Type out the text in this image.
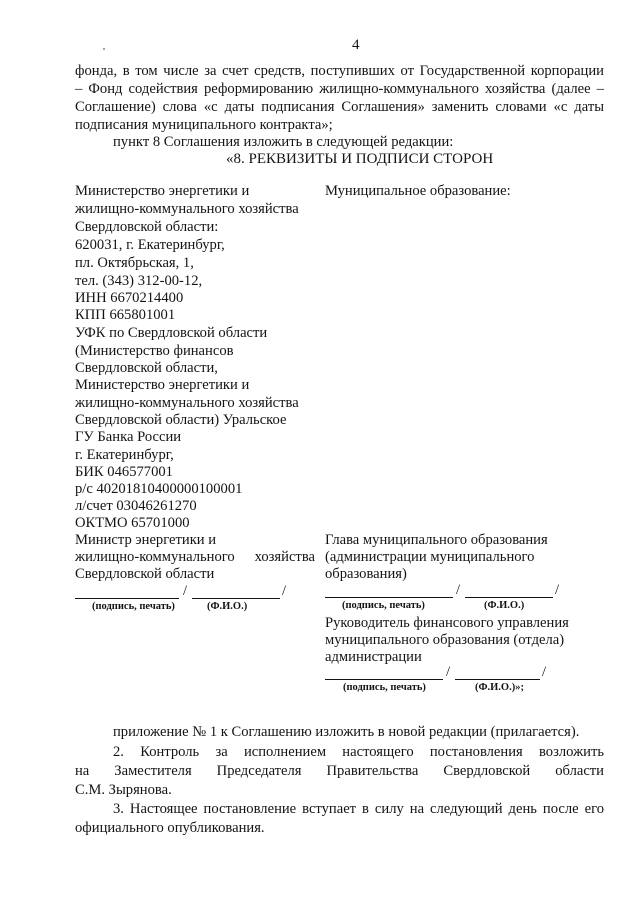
4
фонда, в том числе за счет средств, поступивших от Государственной корпорации
– Фонд содействия реформированию жилищно-коммунального хозяйства (далее –
Соглашение) слова «с даты подписания Соглашения» заменить словами «с даты
подписания муниципального контракта»;
пункт 8 Соглашения изложить в следующей редакции:
«8. РЕКВИЗИТЫ И ПОДПИСИ СТОРОН
Министерство энергетики и
жилищно-коммунального хозяйства
Свердловской области:
620031, г. Екатеринбург,
пл. Октябрьская, 1,
тел. (343) 312-00-12,
ИНН 6670214400
КПП 665801001
УФК по Свердловской области
(Министерство финансов
Свердловской области,
Министерство энергетики и
жилищно-коммунального хозяйства
Свердловской области) Уральское
ГУ Банка России
г. Екатеринбург,
БИК 046577001
р/с 40201810400000100001
л/счет 03046261270
ОКТМО 65701000
Муниципальное образование:
Министр энергетики и
жилищно-коммунального хозяйства
Свердловской области
/	/
(подпись, печать)	(Ф.И.О.)
Глава муниципального образования
(администрации муниципального
образования)
/	/
(подпись, печать)	(Ф.И.О.)
Руководитель финансового управления
муниципального образования (отдела)
администрации
/	/
(подпись, печать)	(Ф.И.О.)»;
приложение № 1 к Соглашению изложить в новой редакции (прилагается).
2. Контроль за исполнением настоящего постановления возложить
на Заместителя Председателя Правительства Свердловской области
С.М. Зырянова.
3. Настоящее постановление вступает в силу на следующий день после его
официального опубликования.
